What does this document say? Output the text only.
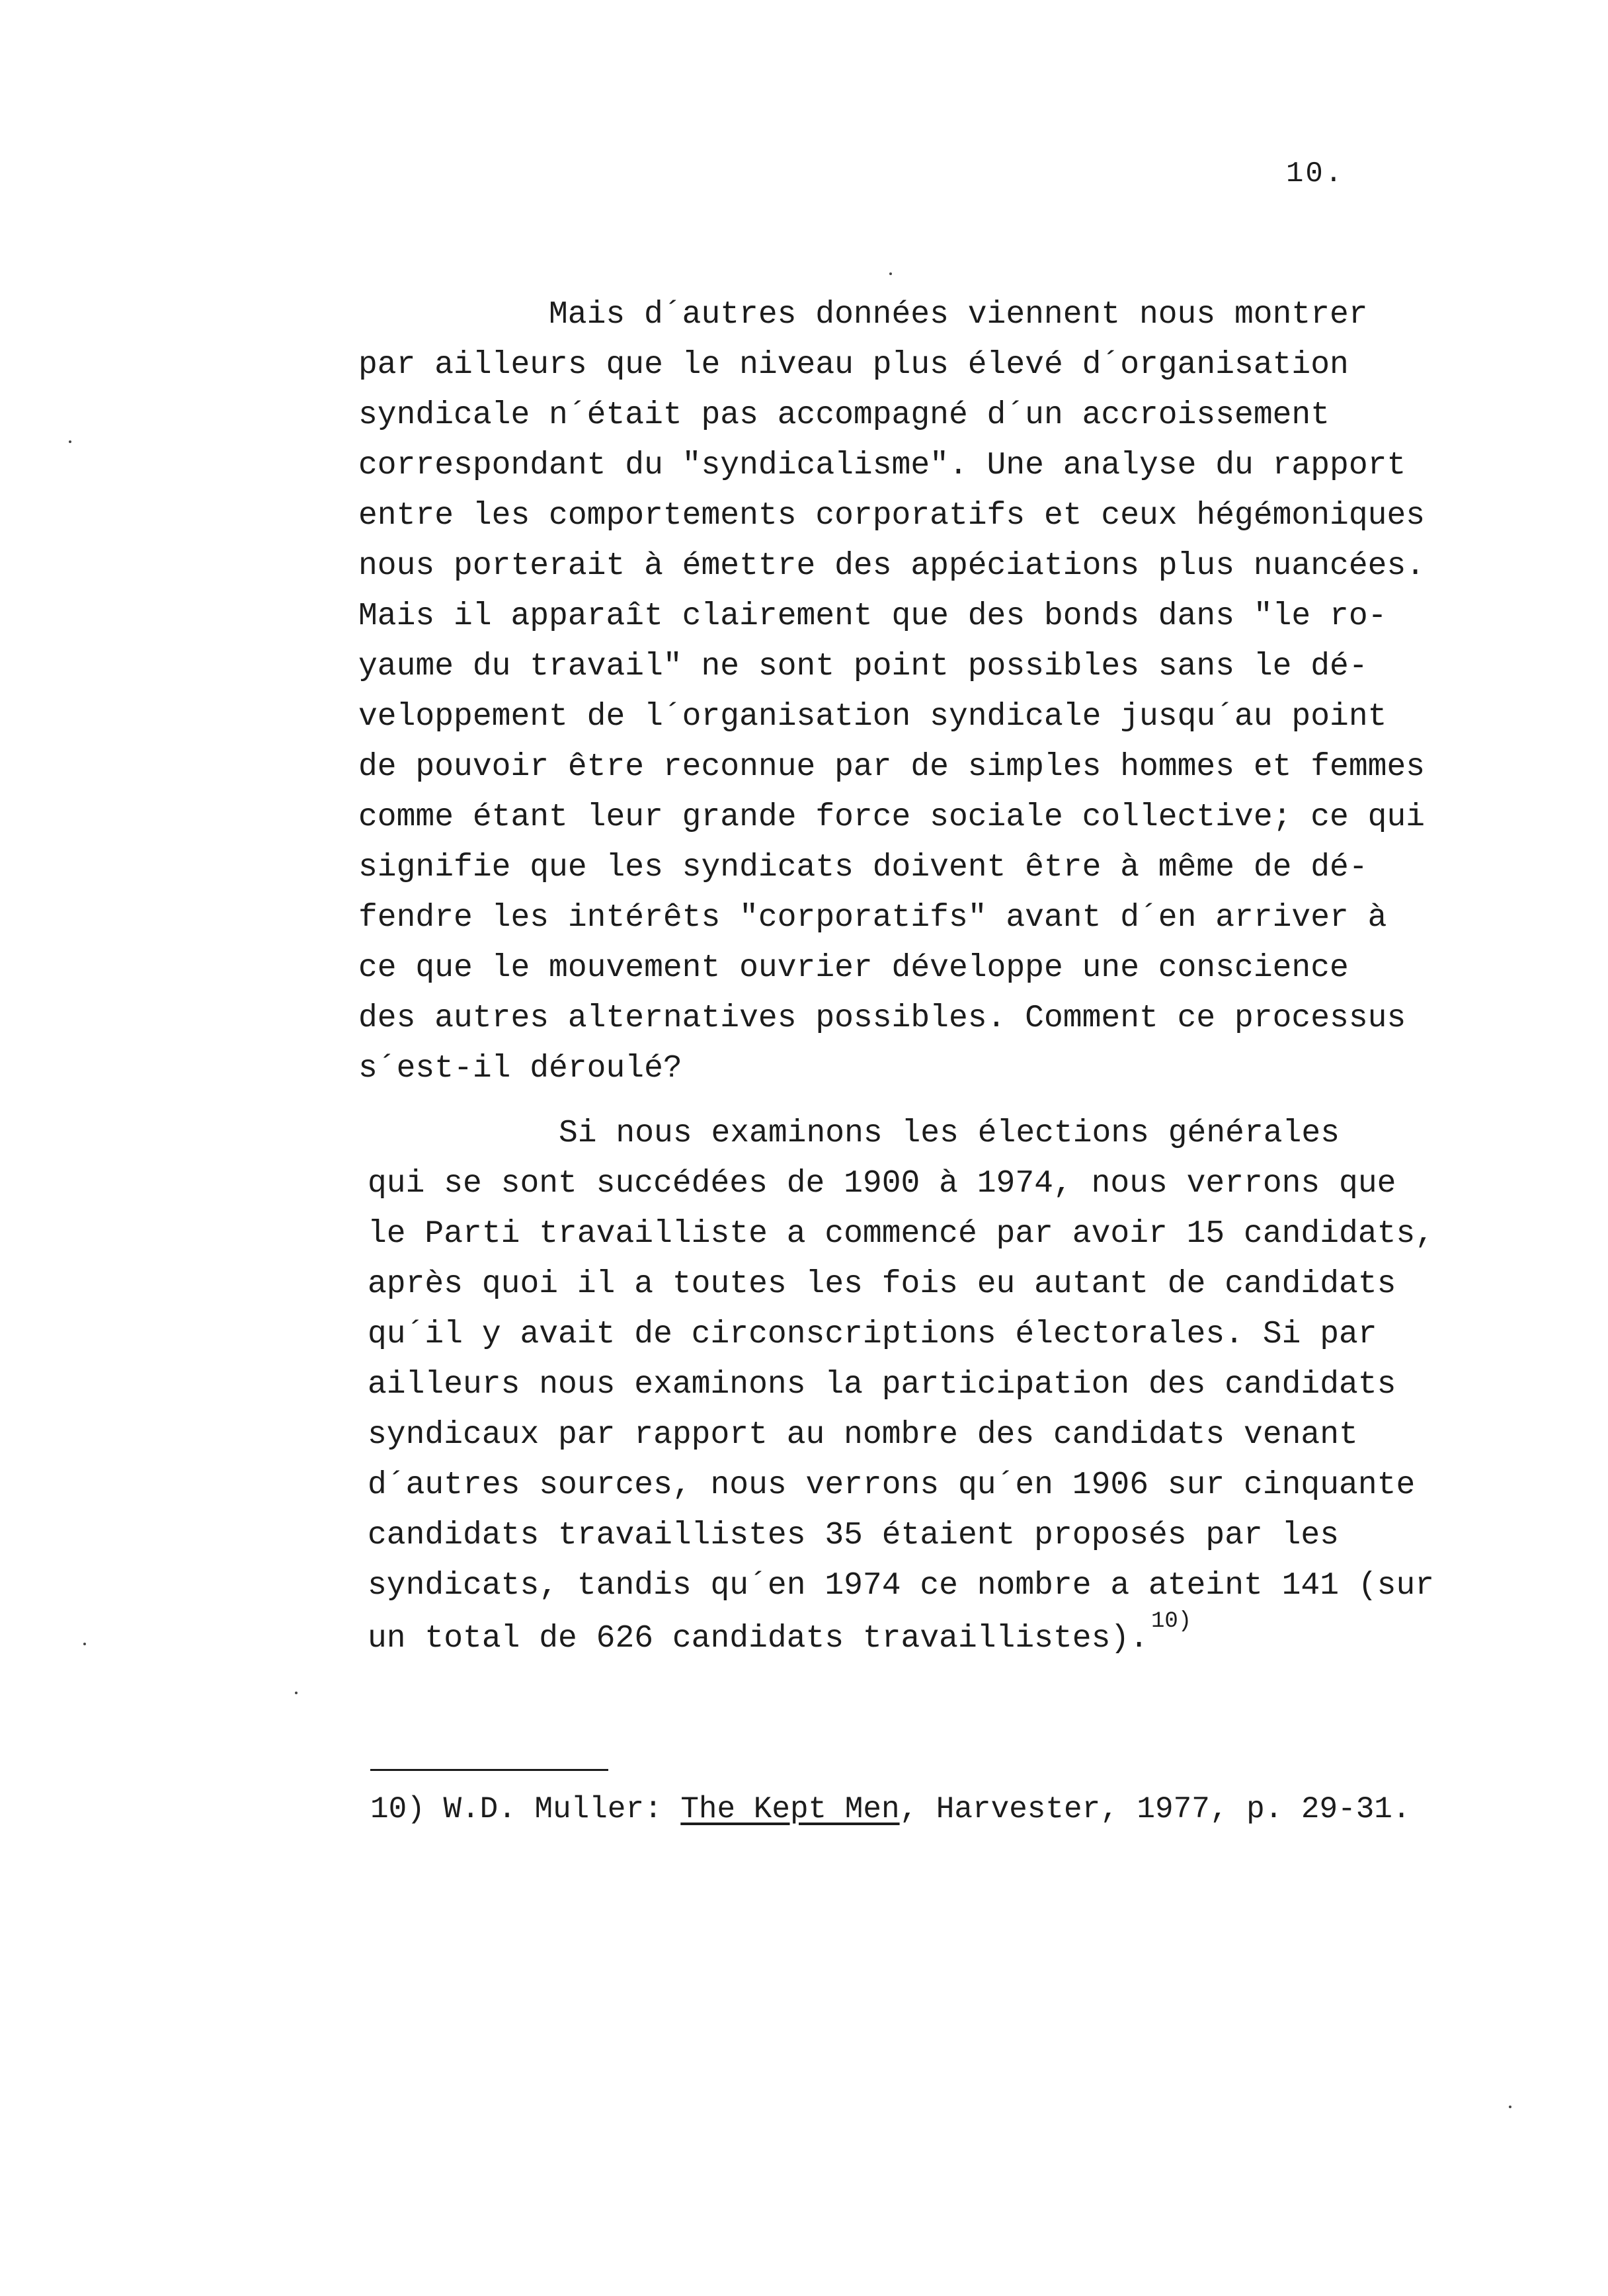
10.
Mais d´autres données viennent nous montrer
par ailleurs que le niveau plus élevé d´organisation
syndicale n´était pas accompagné d´un accroissement
correspondant du "syndicalisme". Une analyse du rapport
entre les comportements corporatifs et ceux hégémoniques
nous porterait à émettre des appéciations plus nuancées.
Mais il apparaît clairement que des bonds dans "le ro-
yaume du travail" ne sont point possibles sans le dé-
veloppement de l´organisation syndicale jusqu´au point
de pouvoir être reconnue par de simples hommes et femmes
comme étant leur grande force sociale collective; ce qui
signifie que les syndicats doivent être à même de dé-
fendre les intérêts "corporatifs" avant d´en arriver à
ce que le mouvement ouvrier développe une conscience
des autres alternatives possibles. Comment ce processus
s´est-il déroulé?
Si nous examinons les élections générales
qui se sont succédées de 1900 à 1974, nous verrons que
le Parti travailliste a commencé par avoir 15 candidats,
après quoi il a toutes les fois eu autant de candidats
qu´il y avait de circonscriptions électorales. Si par
ailleurs nous examinons la participation des candidats
syndicaux par rapport au nombre des candidats venant
d´autres sources, nous verrons qu´en 1906 sur cinquante
candidats travaillistes 35 étaient proposés par les
syndicats, tandis qu´en 1974 ce nombre a ateint 141 (sur
un total de 626 candidats travaillistes). $^{10)}$
10) W.D. Muller: The Kept Men, Harvester, 1977, p. 29-31.
